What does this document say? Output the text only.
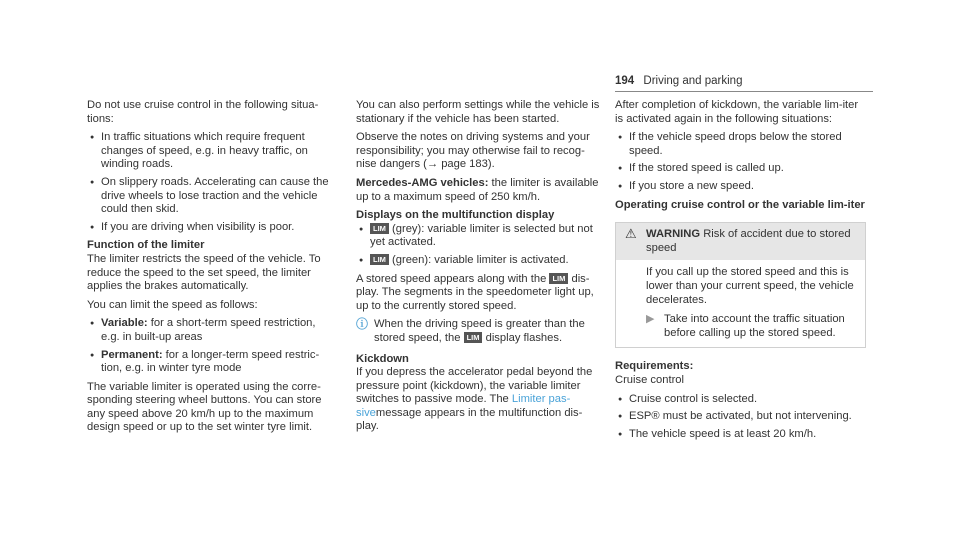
194 Driving and parking

Do not use cruise control in the following situa-tions:

● In traffic situations which require frequent changes of speed, e.g. in heavy traffic, on winding roads.
● On slippery roads. Accelerating can cause the drive wheels to lose traction and the vehicle could then skid.
● If you are driving when visibility is poor.

Function of the limiter

The limiter restricts the speed of the vehicle. To reduce the speed to the set speed, the limiter applies the brakes automatically.

You can limit the speed as follows:

● Variable: for a short-term speed restriction, e.g. in built-up areas
● Permanent: for a longer-term speed restric-tion, e.g. in winter tyre mode

The variable limiter is operated using the corre-sponding steering wheel buttons. You can store any speed above 20 km/h up to the maximum design speed or up to the set winter tyre limit.

You can also perform settings while the vehicle is stationary if the vehicle has been started.

Observe the notes on driving systems and your responsibility; you may otherwise fail to recog-nise dangers (→ page 183).

Mercedes-AMG vehicles: the limiter is available up to a maximum speed of 250 km/h.

Displays on the multifunction display

● LIM (grey): variable limiter is selected but not yet activated.
● LIM (green): variable limiter is activated.

A stored speed appears along with the LIM dis-play. The segments in the speedometer light up, up to the currently stored speed.

ⓘ When the driving speed is greater than the stored speed, the LIM display flashes.

Kickdown

If you depress the accelerator pedal beyond the pressure point (kickdown), the variable limiter switches to passive mode. The Limiter pas-sivemessage appears in the multifunction dis-play.

After completion of kickdown, the variable lim-iter is activated again in the following situations:

● If the vehicle speed drops below the stored speed.
● If the stored speed is called up.
● If you store a new speed.

Operating cruise control or the variable lim-iter

⚠ WARNING Risk of accident due to stored speed

If you call up the stored speed and this is lower than your current speed, the vehicle decelerates.

▶ Take into account the traffic situation before calling up the stored speed.

Requirements:

Cruise control

● Cruise control is selected.
● ESP® must be activated, but not intervening.
● The vehicle speed is at least 20 km/h.
